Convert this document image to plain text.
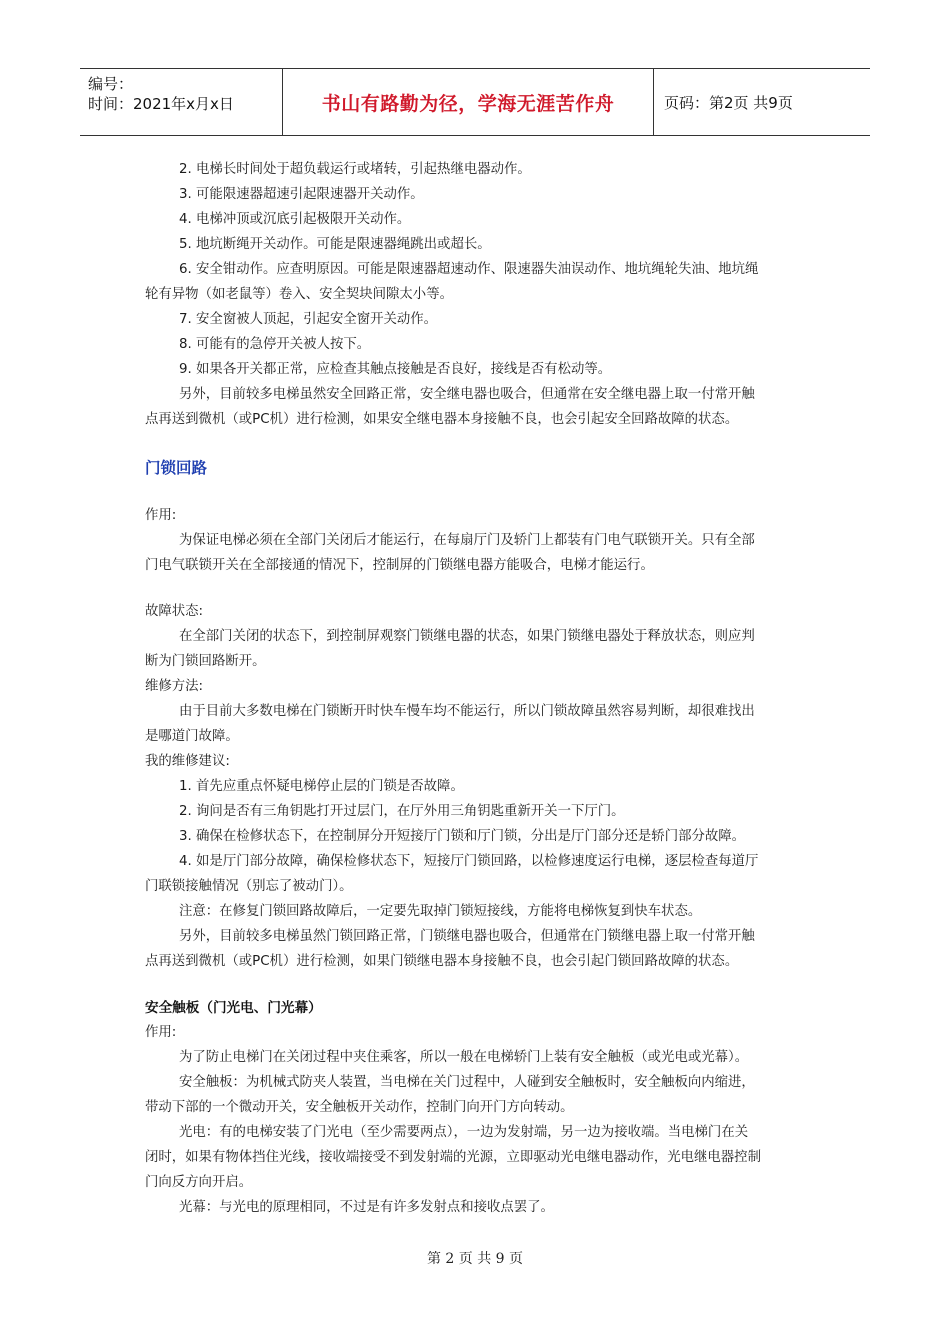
编号：
时间：2021年x月x日	书山有路勤为径，学海无涯苦作舟	页码：第2页 共9页
2. 电梯长时间处于超负载运行或堵转，引起热继电器动作。
3. 可能限速器超速引起限速器开关动作。
4. 电梯冲顶或沉底引起极限开关动作。
5. 地坑断绳开关动作。可能是限速器绳跳出或超长。
6. 安全钳动作。应查明原因。可能是限速器超速动作、限速器失油误动作、地坑绳轮失油、地坑绳
轮有异物（如老鼠等）卷入、安全契块间隙太小等。
7. 安全窗被人顶起，引起安全窗开关动作。
8. 可能有的急停开关被人按下。
9. 如果各开关都正常，应检查其触点接触是否良好，接线是否有松动等。
另外，目前较多电梯虽然安全回路正常，安全继电器也吸合，但通常在安全继电器上取一付常开触
点再送到微机（或PC机）进行检测，如果安全继电器本身接触不良，也会引起安全回路故障的状态。
门锁回路
作用:
为保证电梯必须在全部门关闭后才能运行，在每扇厅门及轿门上都装有门电气联锁开关。只有全部
门电气联锁开关在全部接通的情况下，控制屏的门锁继电器方能吸合，电梯才能运行。
故障状态:
在全部门关闭的状态下，到控制屏观察门锁继电器的状态，如果门锁继电器处于释放状态，则应判
断为门锁回路断开。
维修方法:
由于目前大多数电梯在门锁断开时快车慢车均不能运行，所以门锁故障虽然容易判断，却很难找出
是哪道门故障。
我的维修建议:
1. 首先应重点怀疑电梯停止层的门锁是否故障。
2. 询问是否有三角钥匙打开过层门，在厅外用三角钥匙重新开关一下厅门。
3. 确保在检修状态下，在控制屏分开短接厅门锁和厅门锁，分出是厅门部分还是轿门部分故障。
4. 如是厅门部分故障，确保检修状态下，短接厅门锁回路，以检修速度运行电梯，逐层检查每道厅
门联锁接触情况（别忘了被动门）。
注意：在修复门锁回路故障后，一定要先取掉门锁短接线，方能将电梯恢复到快车状态。
另外，目前较多电梯虽然门锁回路正常，门锁继电器也吸合，但通常在门锁继电器上取一付常开触
点再送到微机（或PC机）进行检测，如果门锁继电器本身接触不良，也会引起门锁回路故障的状态。
安全触板（门光电、门光幕）
作用:
为了防止电梯门在关闭过程中夹住乘客，所以一般在电梯轿门上装有安全触板（或光电或光幕）。
安全触板：为机械式防夹人装置，当电梯在关门过程中，人碰到安全触板时，安全触板向内缩进，
带动下部的一个微动开关，安全触板开关动作，控制门向开门方向转动。
光电：有的电梯安装了门光电（至少需要两点），一边为发射端，另一边为接收端。当电梯门在关
闭时，如果有物体挡住光线，接收端接受不到发射端的光源，立即驱动光电继电器动作，光电继电器控制
门向反方向开启。
光幕：与光电的原理相同，不过是有许多发射点和接收点罢了。
第 2 页 共 9 页
